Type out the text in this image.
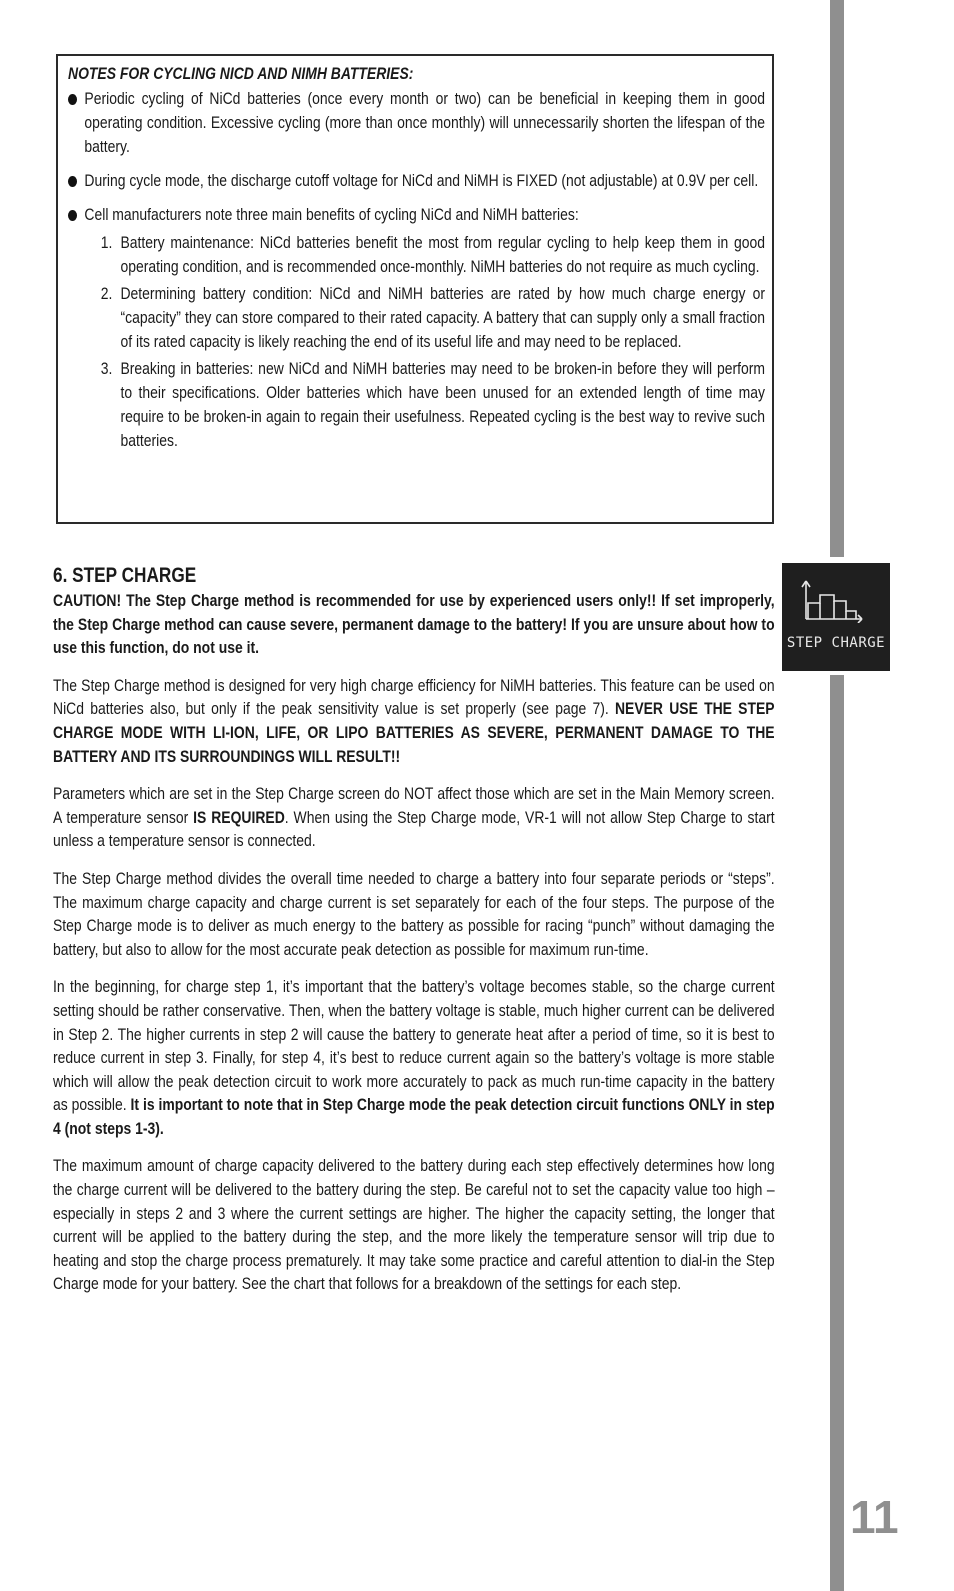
STEP CHARGE
11

NOTES FOR CYCLING NICD AND NIMH BATTERIES:

Periodic cycling of NiCd batteries (once every month or two) can be beneficial in keeping them in good operating condition. Excessive cycling (more than once monthly) will unnecessarily shorten the lifespan of the battery.
During cycle mode, the discharge cutoff voltage for NiCd and NiMH is FIXED (not adjustable) at 0.9V per cell.
Cell manufacturers note three main benefits of cycling NiCd and NiMH batteries:
1. Battery maintenance: NiCd batteries benefit the most from regular cycling to help keep them in good operating condition, and is recommended once-monthly. NiMH batteries do not require as much cycling.
2. Determining battery condition: NiCd and NiMH batteries are rated by how much charge energy or “capacity” they can store compared to their rated capacity. A battery that can supply only a small fraction of its rated capacity is likely reaching the end of its useful life and may need to be replaced.
3. Breaking in batteries: new NiCd and NiMH batteries may need to be broken-in before they will perform to their specifications. Older batteries which have been unused for an extended length of time may require to be broken-in again to regain their usefulness. Repeated cycling is the best way to revive such batteries.

6. STEP CHARGE

CAUTION! The Step Charge method is recommended for use by experienced users only!! If set improperly, the Step Charge method can cause severe, permanent damage to the battery! If you are unsure about how to use this function, do not use it.

The Step Charge method is designed for very high charge efficiency for NiMH batteries. This feature can be used on NiCd batteries also, but only if the peak sensitivity value is set properly (see page 7). NEVER USE THE STEP CHARGE MODE WITH LI-ION, LIFE, OR LIPO BATTERIES AS SEVERE, PERMANENT DAMAGE TO THE BATTERY AND ITS SURROUNDINGS WILL RESULT!!

Parameters which are set in the Step Charge screen do NOT affect those which are set in the Main Memory screen. A temperature sensor IS REQUIRED. When using the Step Charge mode, VR-1 will not allow Step Charge to start unless a temperature sensor is connected.

The Step Charge method divides the overall time needed to charge a battery into four separate periods or “steps”. The maximum charge capacity and charge current is set separately for each of the four steps. The purpose of the Step Charge mode is to deliver as much energy to the battery as possible for racing “punch” without damaging the battery, but also to allow for the most accurate peak detection as possible for maximum run-time.

In the beginning, for charge step 1, it’s important that the battery’s voltage becomes stable, so the charge current setting should be rather conservative. Then, when the battery voltage is stable, much higher current can be delivered in Step 2. The higher currents in step 2 will cause the battery to generate heat after a period of time, so it is best to reduce current in step 3. Finally, for step 4, it’s best to reduce current again so the battery’s voltage is more stable which will allow the peak detection circuit to work more accurately to pack as much run-time capacity in the battery as possible. It is important to note that in Step Charge mode the peak detection circuit functions ONLY in step 4 (not steps 1-3).

The maximum amount of charge capacity delivered to the battery during each step effectively determines how long the charge current will be delivered to the battery during the step. Be careful not to set the capacity value too high – especially in steps 2 and 3 where the current settings are higher. The higher the capacity setting, the longer that current will be applied to the battery during the step, and the more likely the temperature sensor will trip due to heating and stop the charge process prematurely. It may take some practice and careful attention to dial-in the Step Charge mode for your battery. See the chart that follows for a breakdown of the settings for each step.
